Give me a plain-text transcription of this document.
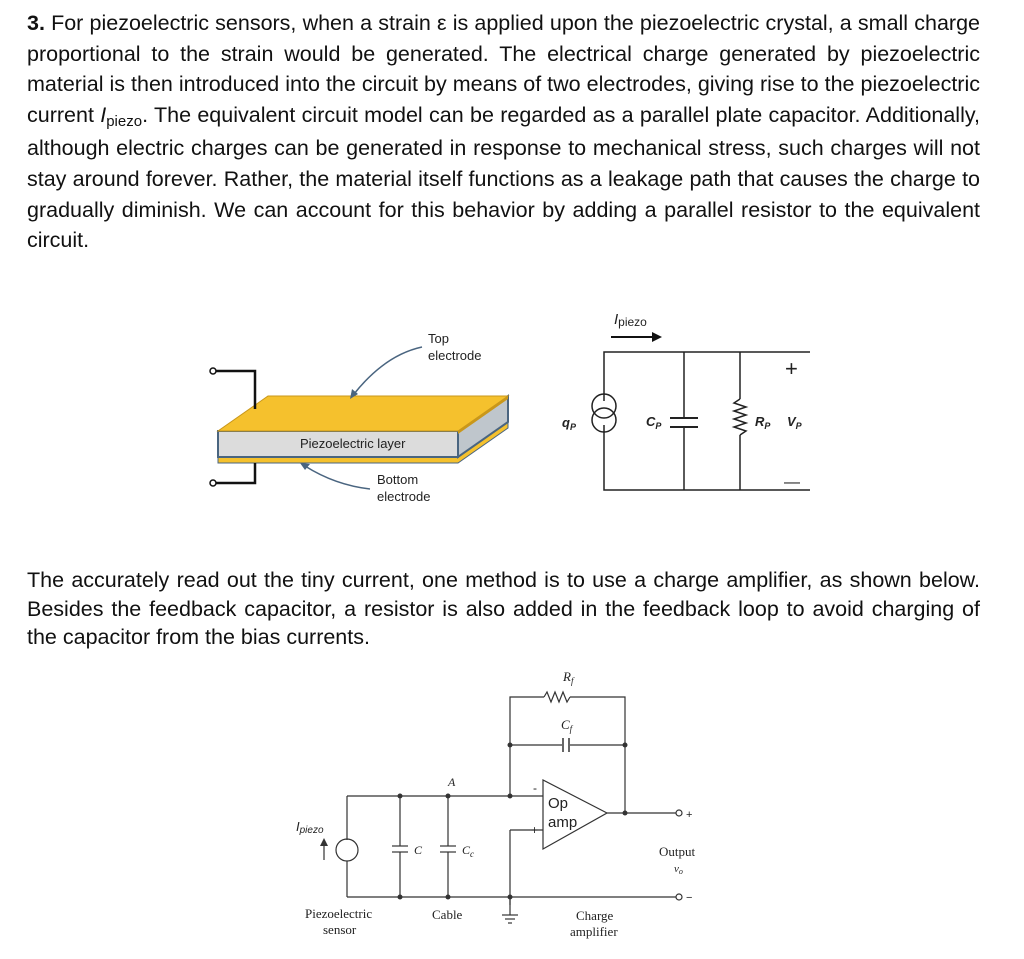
3. For piezoelectric sensors, when a strain ε is applied upon the piezoelectric crystal, a small charge proportional to the strain would be generated. The electrical charge generated by piezoelectric material is then introduced into the circuit by means of two electrodes, giving rise to the piezoelectric current Ipiezo. The equivalent circuit model can be regarded as a parallel plate capacitor. Additionally, although electric charges can be generated in response to mechanical stress, such charges will not stay around forever. Rather, the material itself functions as a leakage path that causes the charge to gradually diminish. We can account for this behavior by adding a parallel resistor to the equivalent circuit.
The accurately read out the tiny current, one method is to use a charge amplifier, as shown below. Besides the feedback capacitor, a resistor is also added in the feedback loop to avoid charging of the capacitor from the bias currents.
Top
electrode
Piezoelectric layer
Bottom
electrode
Ipiezo
$q_P$	$C_P$	$R_P$ $V_P$
+
—
$R_f$
$C_f$
A
Op
amp
-
+
Ipiezo
C	$C_c$
+
−
Output
vo
Piezoelectric
sensor
Cable	Charge
amplifier
